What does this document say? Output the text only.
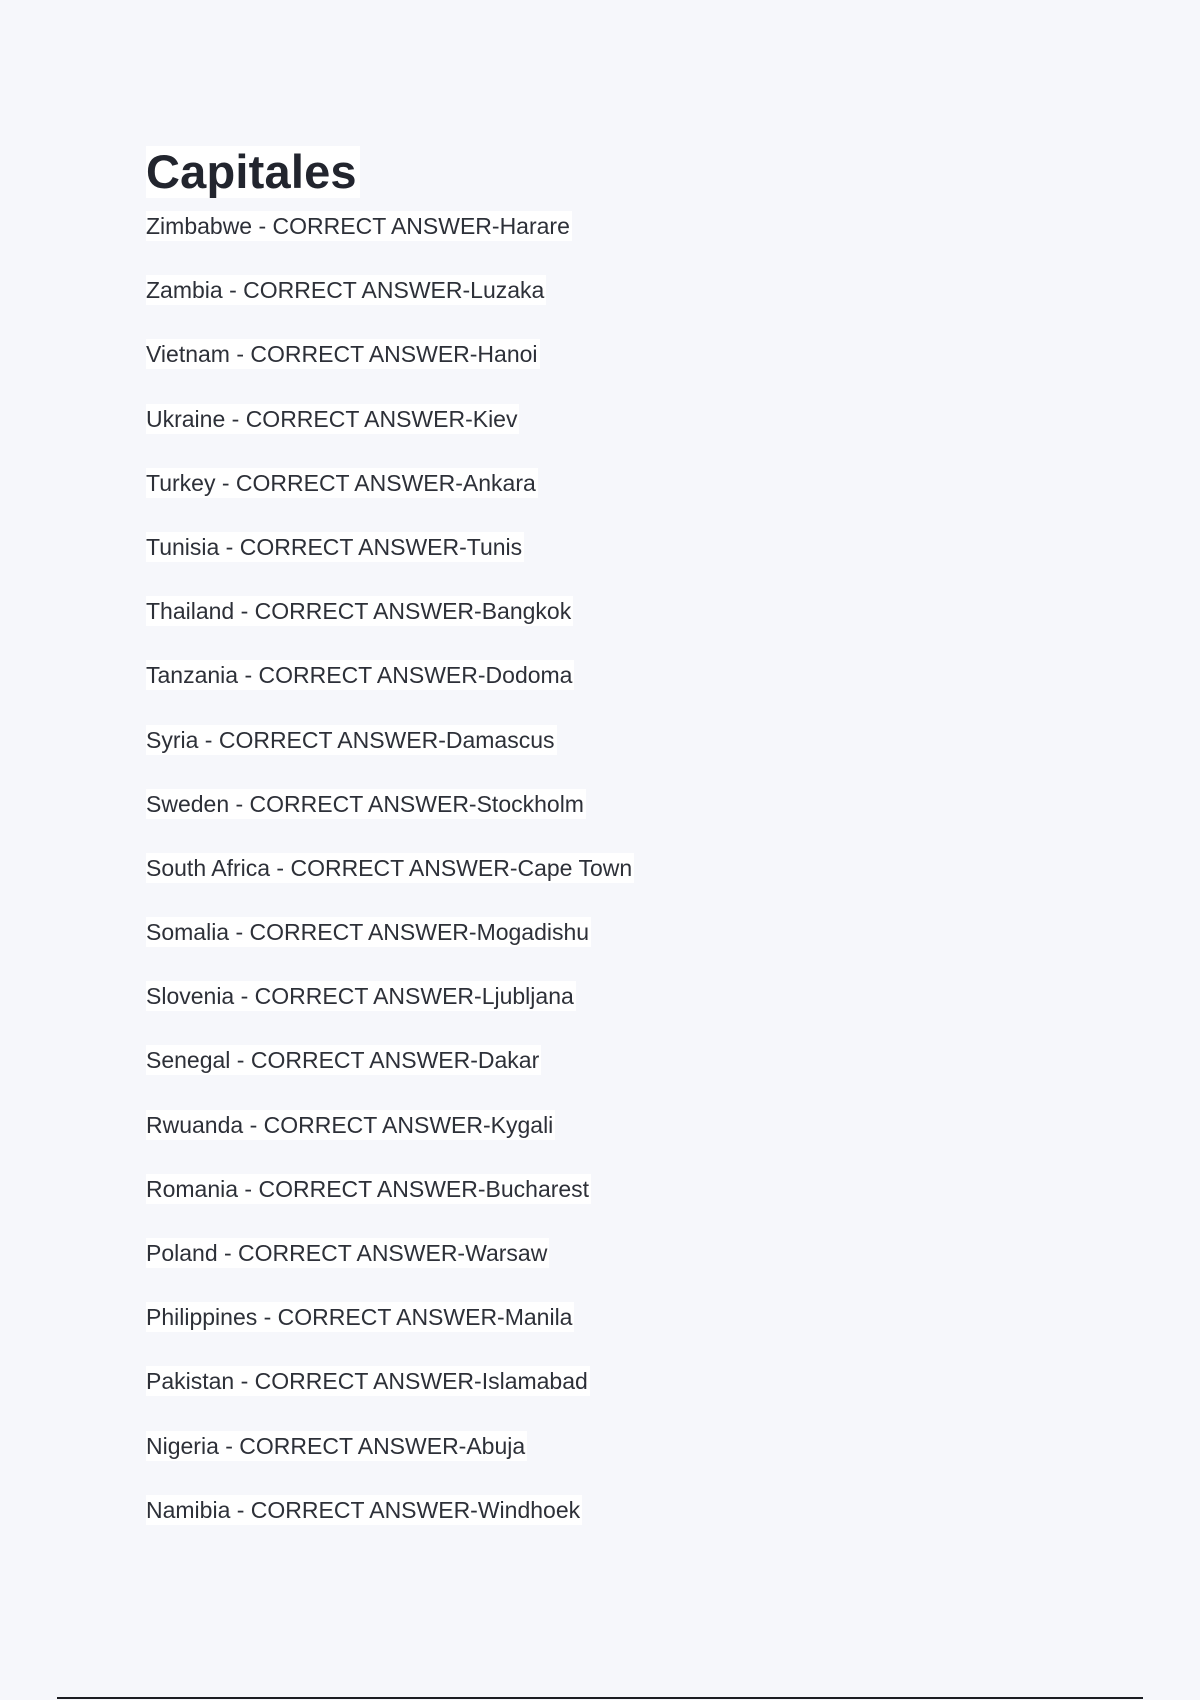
Capitales
Zimbabwe - CORRECT ANSWER-Harare
Zambia - CORRECT ANSWER-Luzaka
Vietnam - CORRECT ANSWER-Hanoi
Ukraine - CORRECT ANSWER-Kiev
Turkey - CORRECT ANSWER-Ankara
Tunisia - CORRECT ANSWER-Tunis
Thailand - CORRECT ANSWER-Bangkok
Tanzania - CORRECT ANSWER-Dodoma
Syria - CORRECT ANSWER-Damascus
Sweden - CORRECT ANSWER-Stockholm
South Africa - CORRECT ANSWER-Cape Town
Somalia - CORRECT ANSWER-Mogadishu
Slovenia - CORRECT ANSWER-Ljubljana
Senegal - CORRECT ANSWER-Dakar
Rwuanda - CORRECT ANSWER-Kygali
Romania - CORRECT ANSWER-Bucharest
Poland - CORRECT ANSWER-Warsaw
Philippines - CORRECT ANSWER-Manila
Pakistan - CORRECT ANSWER-Islamabad
Nigeria - CORRECT ANSWER-Abuja
Namibia - CORRECT ANSWER-Windhoek
